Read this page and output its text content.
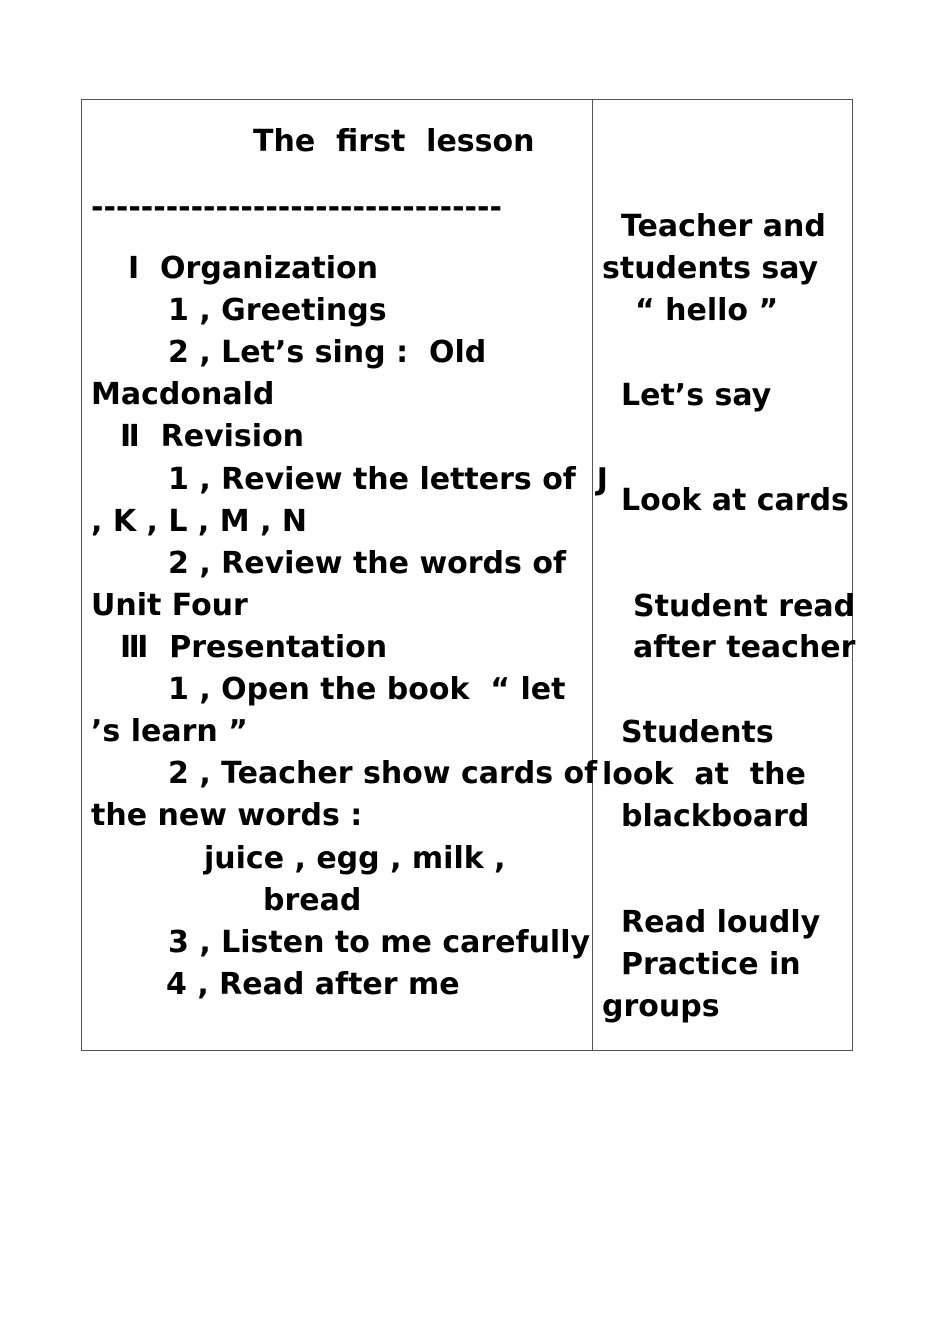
The  first  lesson
---------------------------------
Ⅰ  Organization
1 , Greetings
2 , Let’s sing :  Old
Macdonald
Ⅱ  Revision
1 , Review the letters of  J
, K , L , M , N
2 , Review the words of
Unit Four
Ⅲ  Presentation
1 , Open the book  “ let
’s learn ”
2 , Teacher show cards of
the new words :
juice , egg , milk ,
bread
3 , Listen to me carefully
4 , Read after me
Teacher and
students say
“ hello ”
Let’s say
Look at cards
Student read
after teacher
Students
look  at  the
blackboard
Read loudly
Practice in
groups
